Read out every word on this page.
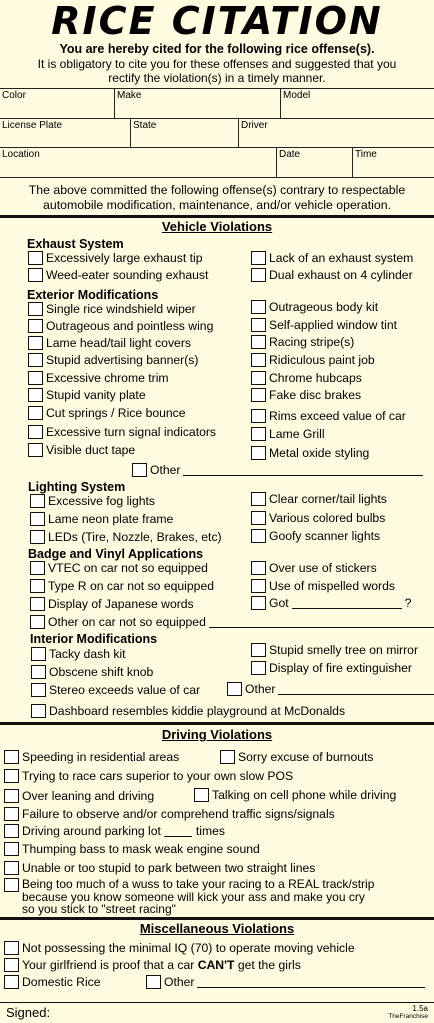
RICE CITATION
You are hereby cited for the following rice offense(s).
It is obligatory to cite you for these offenses and suggested that you
rectify the violation(s) in a timely manner.
Color	Make	Model
License Plate	State	Driver
Location	Date	Time
The above committed the following offense(s) contrary to respectable
automobile modification, maintenance, and/or vehicle operation.
Vehicle Violations
Exhaust System
Excessively large exhaust tip
Weed-eater sounding exhaust
Lack of an exhaust system
Dual exhaust on 4 cylinder
Exterior Modifications
Single rice windshield wiper
Outrageous and pointless wing
Lame head/tail light covers
Stupid advertising banner(s)
Excessive chrome trim
Stupid vanity plate
Cut springs / Rice bounce
Excessive turn signal indicators
Visible duct tape
Outrageous body kit
Self-applied window tint
Racing stripe(s)
Ridiculous paint job
Chrome hubcaps
Fake disc brakes
Rims exceed value of car
Lame Grill
Metal oxide styling
Other
Lighting System
Excessive fog lights
Lame neon plate frame
LEDs (Tire, Nozzle, Brakes, etc)
Clear corner/tail lights
Various colored bulbs
Goofy scanner lights
Badge and Vinyl Applications
VTEC on car not so equipped
Type R on car not so equipped
Display of Japanese words
Other on car not so equipped
Over use of stickers
Use of mispelled words
Got	?
Interior Modifications
Tacky dash kit
Obscene shift knob
Stereo exceeds value of car
Stupid smelly tree on mirror
Display of fire extinguisher
Other
Dashboard resembles kiddie playground at McDonalds
Driving Violations
Speeding in residential areas	Sorry excuse of burnouts
Trying to race cars superior to your own slow POS
Over leaning and driving	Talking on cell phone while driving
Failure to observe and/or comprehend traffic signs/signals
Driving around parking lot	times
Thumping bass to mask weak engine sound
Unable or too stupid to park between two straight lines
Being too much of a wuss to take your racing to a REAL track/strip
because you know someone will kick your ass and make you cry
so you stick to "street racing"
Miscellaneous Violations
Not possessing the minimal IQ (70) to operate moving vehicle
Your girlfriend is proof that a car
CAN'T
get the girls
Domestic Rice	Other
Signed:	1.5a
TheFranchise
